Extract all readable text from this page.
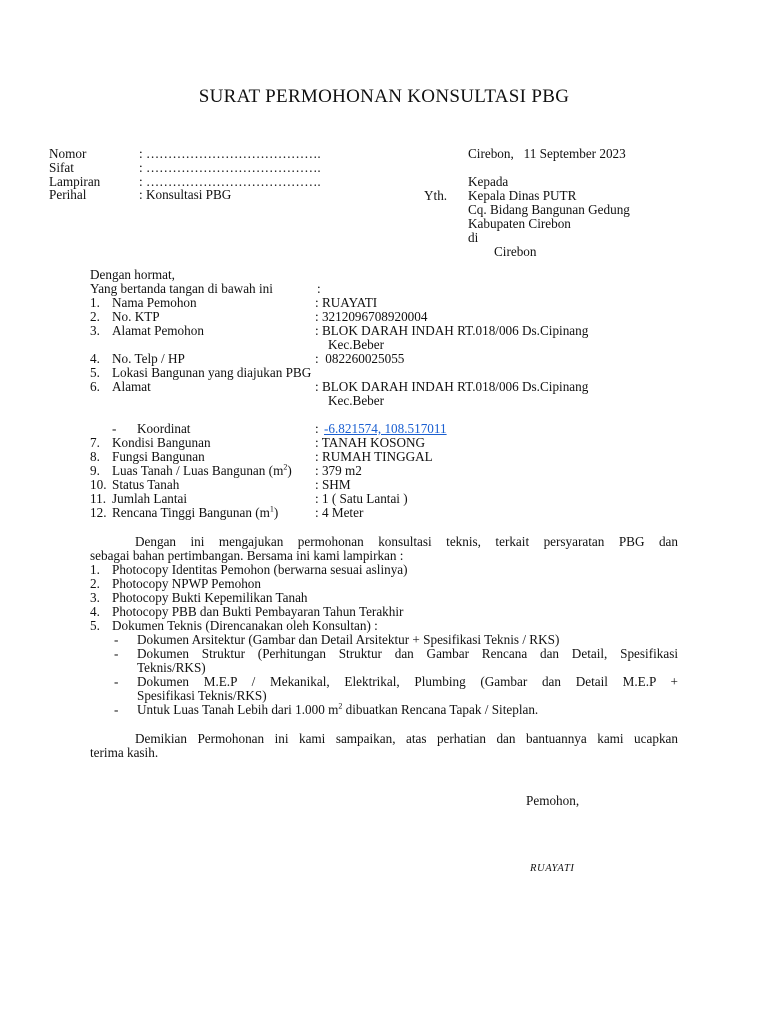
SURAT PERMOHONAN KONSULTASI PBG
Nomor	: ………………………………….
Sifat	: ………………………………….
Lampiran	: ………………………………….
Perihal	: Konsultasi PBG	Yth.
Cirebon,   11 September 2023
Kepada
Kepala Dinas PUTR
Cq. Bidang Bangunan Gedung
Kabupaten Cirebon
di
Cirebon
Dengan hormat,
Yang bertanda tangan di bawah ini	:
1. Nama Pemohon	: RUAYATI
2. No. KTP	: 3212096708920004
3. Alamat Pemohon	: BLOK DARAH INDAH RT.018/006 Ds.Cipinang
Kec.Beber
4. No. Telp / HP	:  082260025055
5. Lokasi Bangunan yang diajukan PBG
6. Alamat	: BLOK DARAH INDAH RT.018/006 Ds.Cipinang
Kec.Beber
- Koordinat	: -6.821574, 108.517011
7. Kondisi Bangunan	: TANAH KOSONG
8. Fungsi Bangunan	: RUMAH TINGGAL
9. Luas Tanah / Luas Bangunan $(m^2)$ : 379 m2
10. Status Tanah	: SHM
11. Jumlah Lantai	: 1 ( Satu Lantai )
12. Rencana Tinggi Bangunan $(m^1)$	: 4 Meter
Dengan ini mengajukan permohonan konsultasi teknis, terkait persyaratan PBG dan
sebagai bahan pertimbangan. Bersama ini kami lampirkan :
1. Photocopy Identitas Pemohon (berwarna sesuai aslinya)
2. Photocopy NPWP Pemohon
3. Photocopy Bukti Kepemilikan Tanah
4. Photocopy PBB dan Bukti Pembayaran Tahun Terakhir
5. Dokumen Teknis (Direncanakan oleh Konsultan) :
- Dokumen Arsitektur (Gambar dan Detail Arsitektur + Spesifikasi Teknis / RKS)
- Dokumen Struktur (Perhitungan Struktur dan Gambar Rencana dan Detail, Spesifikasi
Teknis/RKS)
- Dokumen M.E.P / Mekanikal, Elektrikal, Plumbing (Gambar dan Detail M.E.P +
Spesifikasi Teknis/RKS)
- Untuk Luas Tanah Lebih dari 1.000 $m^2$ dibuatkan Rencana Tapak / Siteplan.
Demikian Permohonan ini kami sampaikan, atas perhatian dan bantuannya kami ucapkan
terima kasih.
Pemohon,
RUAYATI
